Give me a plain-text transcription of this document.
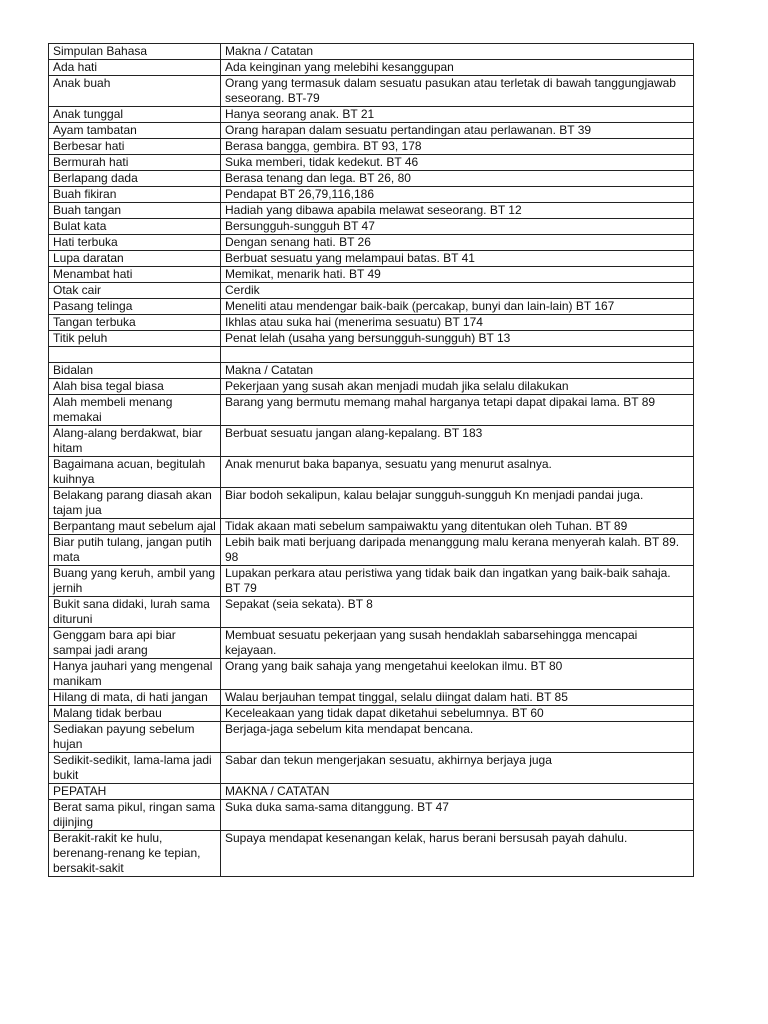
Simpulan Bahasa	Makna / Catatan
Ada hati	Ada keinginan yang melebihi kesanggupan
Anak buah	Orang yang termasuk dalam sesuatu pasukan atau terletak di bawah tanggungjawab seseorang. BT-79
Anak tunggal	Hanya seorang anak. BT 21
Ayam tambatan	Orang harapan dalam sesuatu pertandingan atau perlawanan. BT 39
Berbesar hati	Berasa bangga, gembira. BT 93, 178
Bermurah hati	Suka memberi, tidak kedekut. BT 46
Berlapang dada	Berasa tenang dan lega. BT 26, 80
Buah fikiran	Pendapat BT 26,79,116,186
Buah tangan	Hadiah yang dibawa apabila melawat seseorang. BT 12
Bulat kata	Bersungguh-sungguh BT 47
Hati terbuka	Dengan senang hati. BT 26
Lupa daratan	Berbuat sesuatu yang melampaui batas. BT 41
Menambat hati	Memikat, menarik hati. BT 49
Otak cair	Cerdik
Pasang telinga	Meneliti atau mendengar baik-baik (percakap, bunyi dan lain-lain) BT 167
Tangan terbuka	Ikhlas atau suka hai (menerima sesuatu) BT 174
Titik peluh	Penat lelah (usaha yang bersungguh-sungguh) BT 13

Bidalan	Makna / Catatan
Alah bisa tegal biasa	Pekerjaan yang susah akan menjadi mudah jika selalu dilakukan
Alah membeli menang memakai	Barang yang bermutu memang mahal harganya tetapi dapat dipakai lama. BT 89
Alang-alang berdakwat, biar hitam	Berbuat sesuatu jangan alang-kepalang. BT 183
Bagaimana acuan, begitulah kuihnya	Anak menurut baka bapanya, sesuatu yang menurut asalnya.
Belakang parang diasah akan tajam jua	Biar bodoh sekalipun, kalau belajar sungguh-sungguh Kn menjadi pandai juga.
Berpantang maut sebelum ajal	Tidak akaan mati sebelum sampaiwaktu yang ditentukan oleh Tuhan. BT 89
Biar putih tulang, jangan putih mata	Lebih baik mati berjuang daripada menanggung malu kerana menyerah kalah. BT 89. 98
Buang yang keruh, ambil yang jernih	Lupakan perkara atau peristiwa yang tidak baik dan ingatkan yang baik-baik sahaja. BT 79
Bukit sana didaki, lurah sama dituruni	Sepakat (seia sekata). BT 8
Genggam bara api biar sampai jadi arang	Membuat sesuatu pekerjaan yang susah hendaklah sabarsehingga mencapai kejayaan.
Hanya jauhari yang mengenal manikam	Orang yang baik sahaja yang mengetahui keelokan ilmu. BT 80
Hilang di mata, di hati jangan	Walau berjauhan tempat tinggal, selalu diingat dalam hati. BT 85
Malang tidak berbau	Keceleakaan yang tidak dapat diketahui sebelumnya. BT 60
Sediakan payung sebelum hujan	Berjaga-jaga sebelum kita mendapat bencana.
Sedikit-sedikit, lama-lama jadi bukit	Sabar dan tekun mengerjakan sesuatu, akhirnya berjaya juga
PEPATAH	MAKNA / CATATAN
Berat sama pikul, ringan sama dijinjing	Suka duka sama-sama ditanggung. BT 47
Berakit-rakit ke hulu, berenang-renang ke tepian, bersakit-sakit	Supaya mendapat kesenangan kelak, harus berani bersusah payah dahulu.
